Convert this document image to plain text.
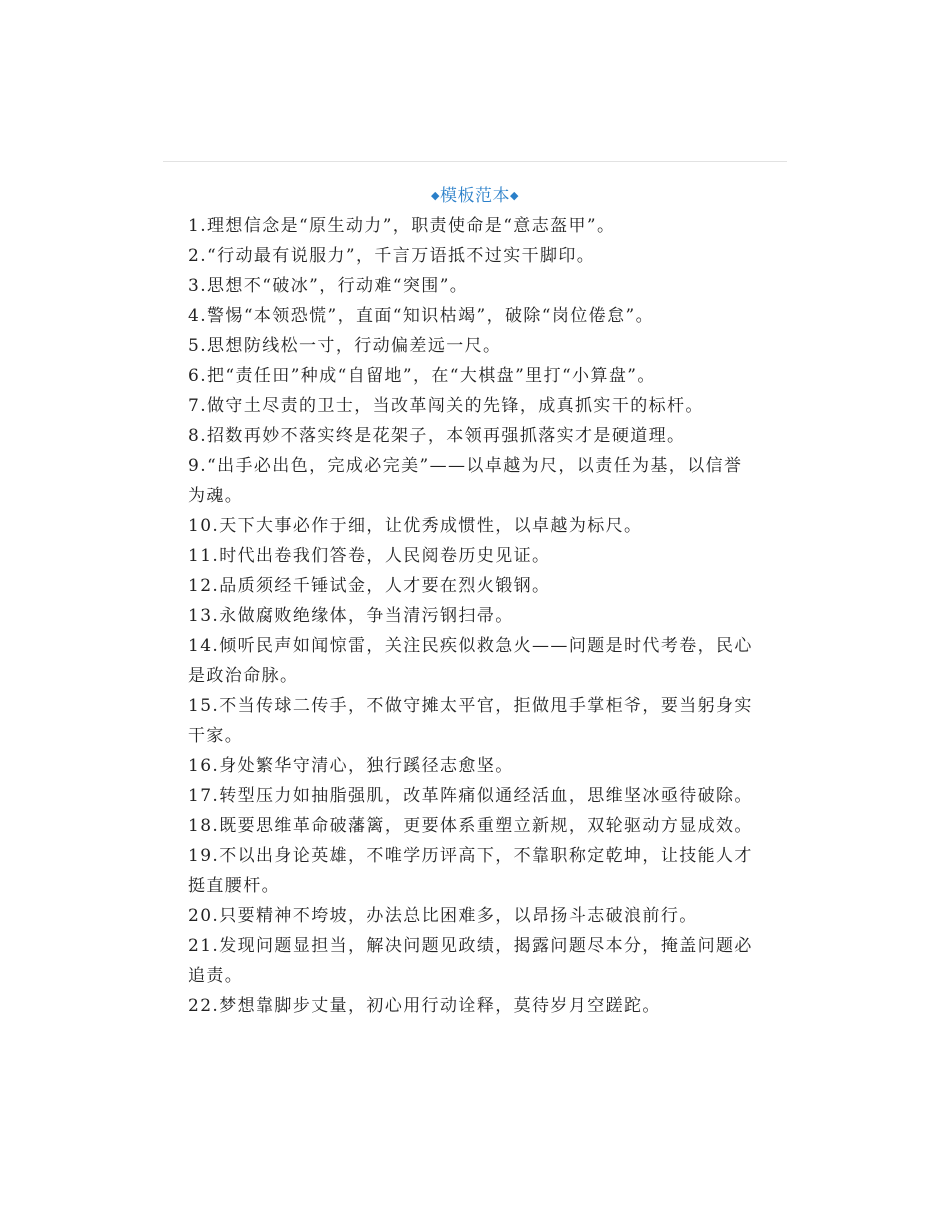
◆模板范本◆
1.理想信念是“原生动力”，职责使命是“意志盔甲”。
2.“行动最有说服力”，千言万语抵不过实干脚印。
3.思想不“破冰”，行动难“突围”。
4.警惕“本领恐慌”，直面“知识枯竭”，破除“岗位倦怠”。
5.思想防线松一寸，行动偏差远一尺。
6.把“责任田”种成“自留地”，在“大棋盘”里打“小算盘”。
7.做守土尽责的卫士，当改革闯关的先锋，成真抓实干的标杆。
8.招数再妙不落实终是花架子，本领再强抓落实才是硬道理。
9.“出手必出色，完成必完美”——以卓越为尺，以责任为基，以信誉为魂。
10.天下大事必作于细，让优秀成惯性，以卓越为标尺。
11.时代出卷我们答卷，人民阅卷历史见证。
12.品质须经千锤试金，人才要在烈火锻钢。
13.永做腐败绝缘体，争当清污钢扫帚。
14.倾听民声如闻惊雷，关注民疾似救急火——问题是时代考卷，民心是政治命脉。
15.不当传球二传手，不做守摊太平官，拒做甩手掌柜爷，要当躬身实干家。
16.身处繁华守清心，独行蹊径志愈坚。
17.转型压力如抽脂强肌，改革阵痛似通经活血，思维坚冰亟待破除。
18.既要思维革命破藩篱，更要体系重塑立新规，双轮驱动方显成效。
19.不以出身论英雄，不唯学历评高下，不靠职称定乾坤，让技能人才挺直腰杆。
20.只要精神不垮坡，办法总比困难多，以昂扬斗志破浪前行。
21.发现问题显担当，解决问题见政绩，揭露问题尽本分，掩盖问题必追责。
22.梦想靠脚步丈量，初心用行动诠释，莫待岁月空蹉跎。
